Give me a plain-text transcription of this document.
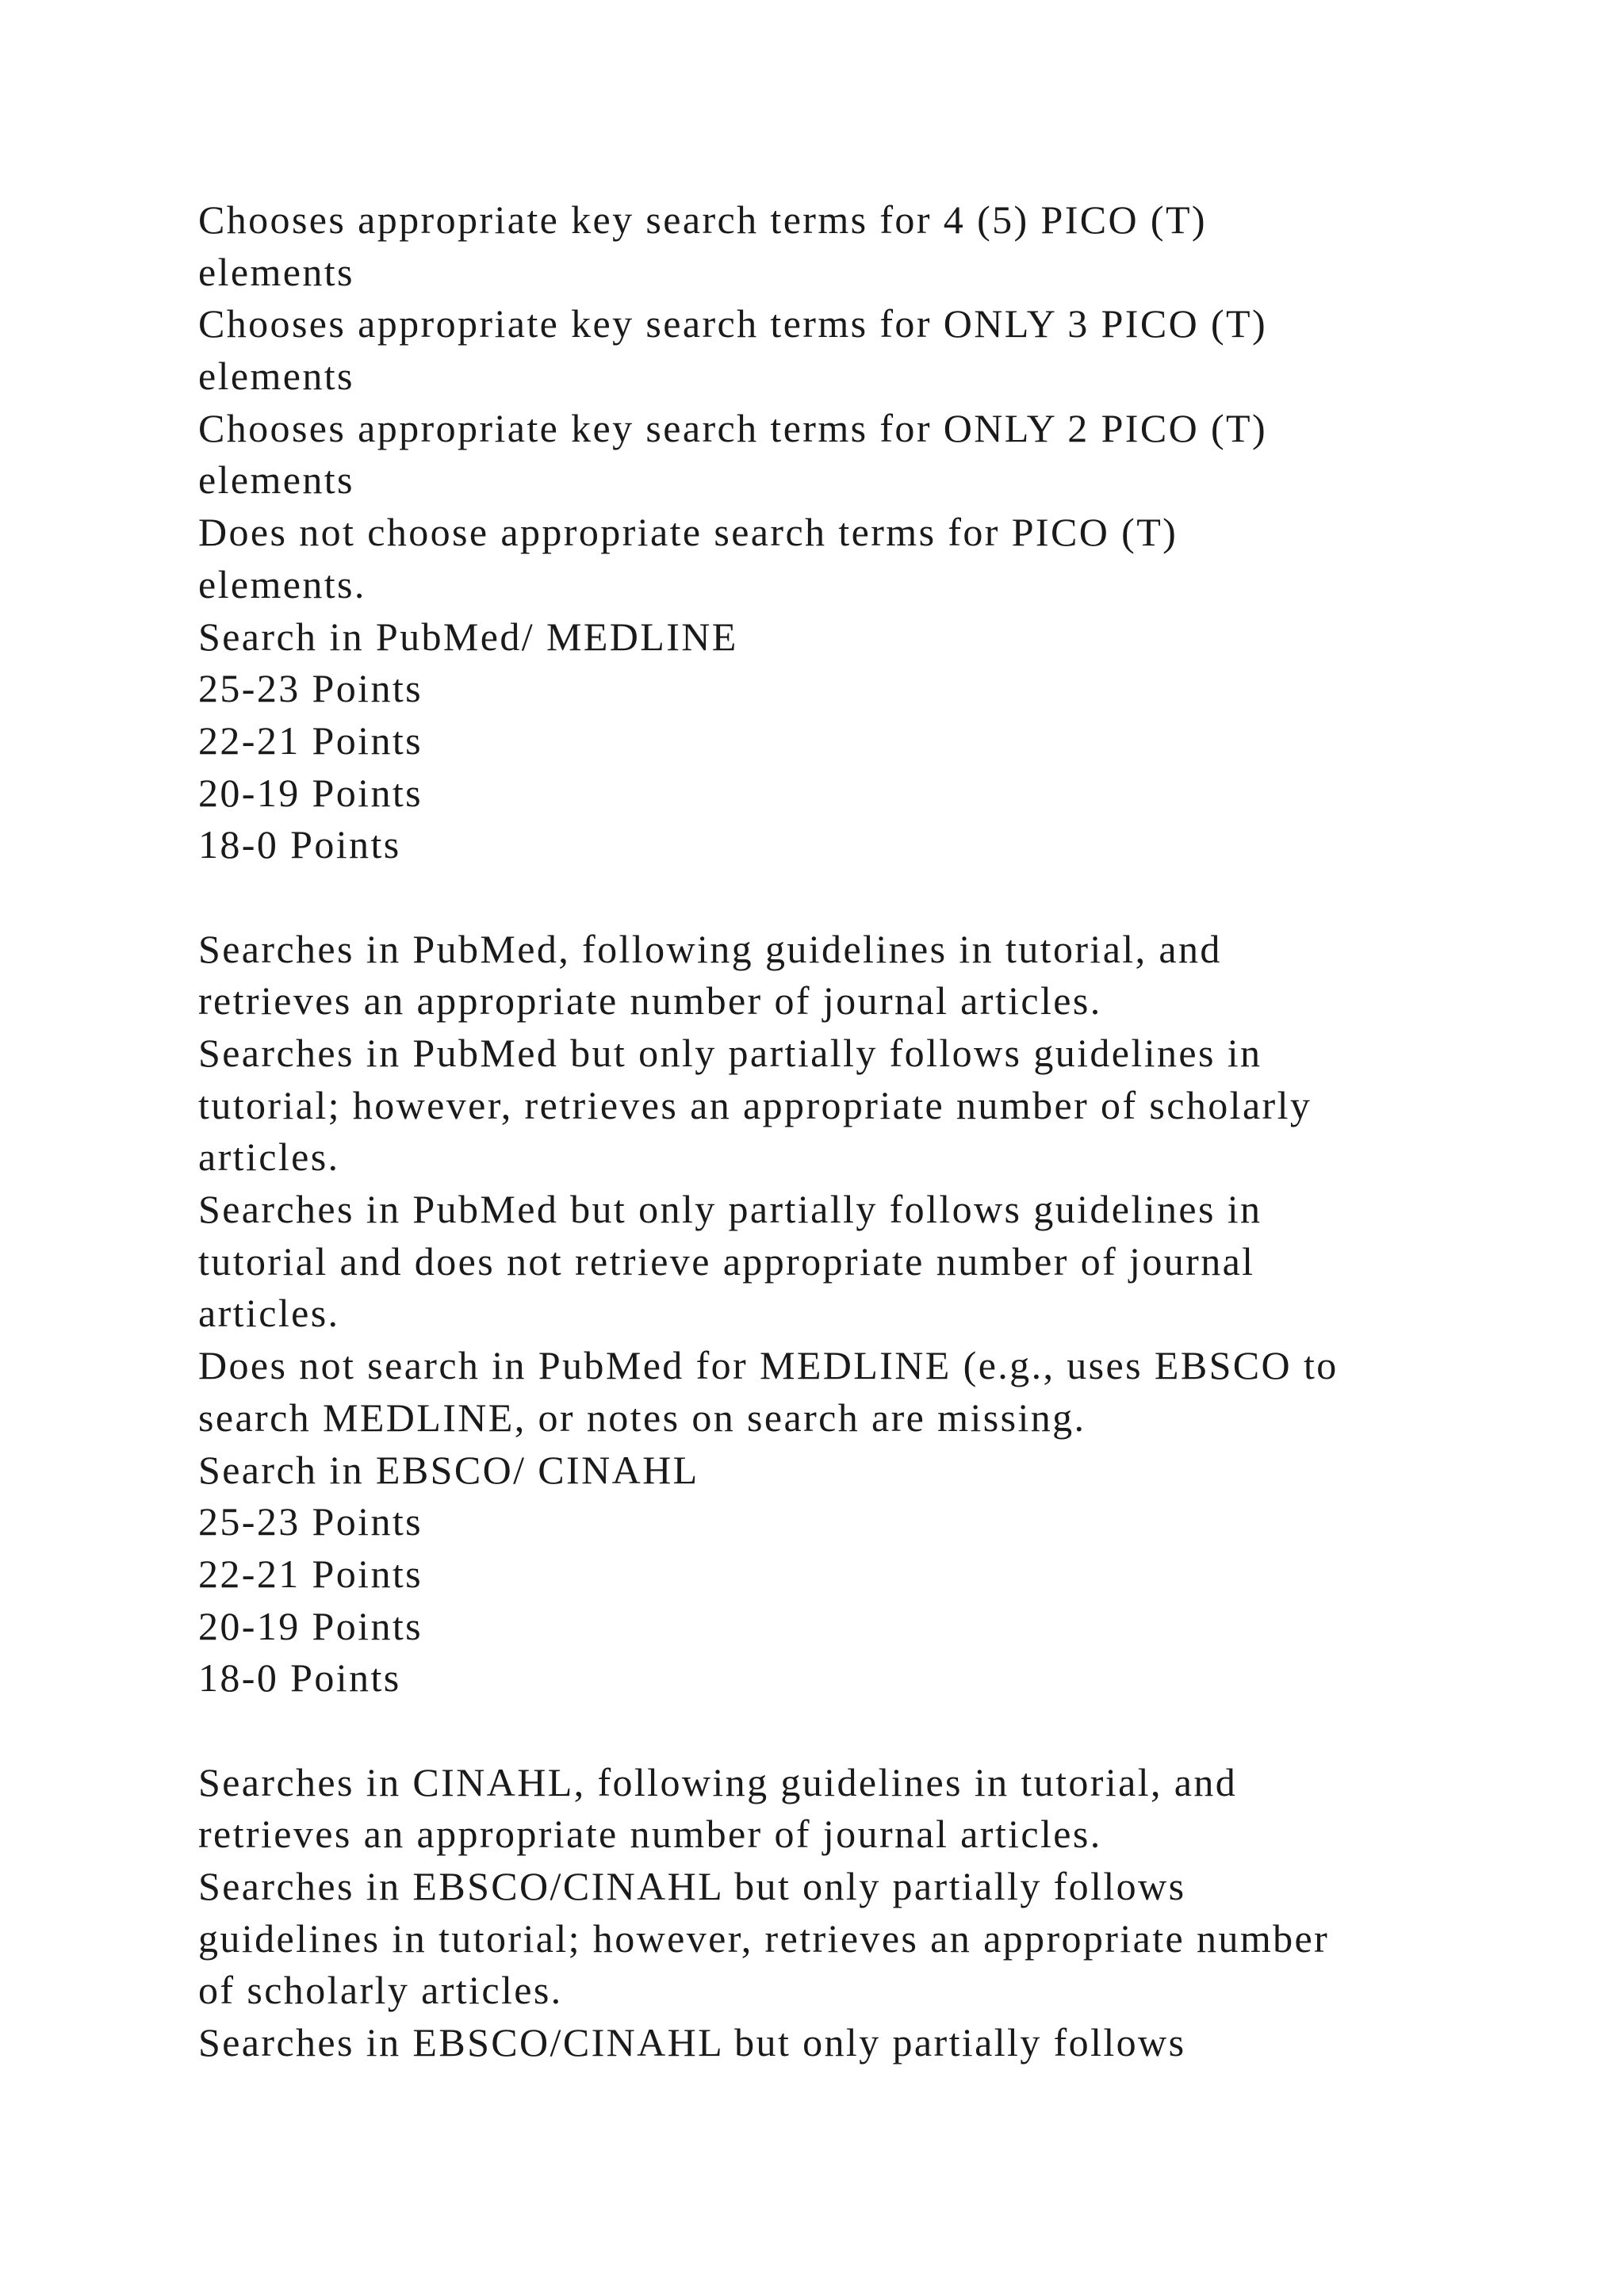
Chooses appropriate key search terms for 4 (5) PICO (T)
elements
Chooses appropriate key search terms for ONLY 3 PICO (T)
elements
Chooses appropriate key search terms for ONLY 2 PICO (T)
elements
Does not choose appropriate search terms for PICO (T)
elements.
Search in PubMed/ MEDLINE
25-23 Points
22-21 Points
20-19 Points
18-0 Points
Searches in PubMed, following guidelines in tutorial, and
retrieves an appropriate number of journal articles.
Searches in PubMed but only partially follows guidelines in
tutorial; however, retrieves an appropriate number of scholarly
articles.
Searches in PubMed but only partially follows guidelines in
tutorial and does not retrieve appropriate number of journal
articles.
Does not search in PubMed for MEDLINE (e.g., uses EBSCO to
search MEDLINE, or notes on search are missing.
Search in EBSCO/ CINAHL
25-23 Points
22-21 Points
20-19 Points
18-0 Points
Searches in CINAHL, following guidelines in tutorial, and
retrieves an appropriate number of journal articles.
Searches in EBSCO/CINAHL but only partially follows
guidelines in tutorial; however, retrieves an appropriate number
of scholarly articles.
Searches in EBSCO/CINAHL but only partially follows
